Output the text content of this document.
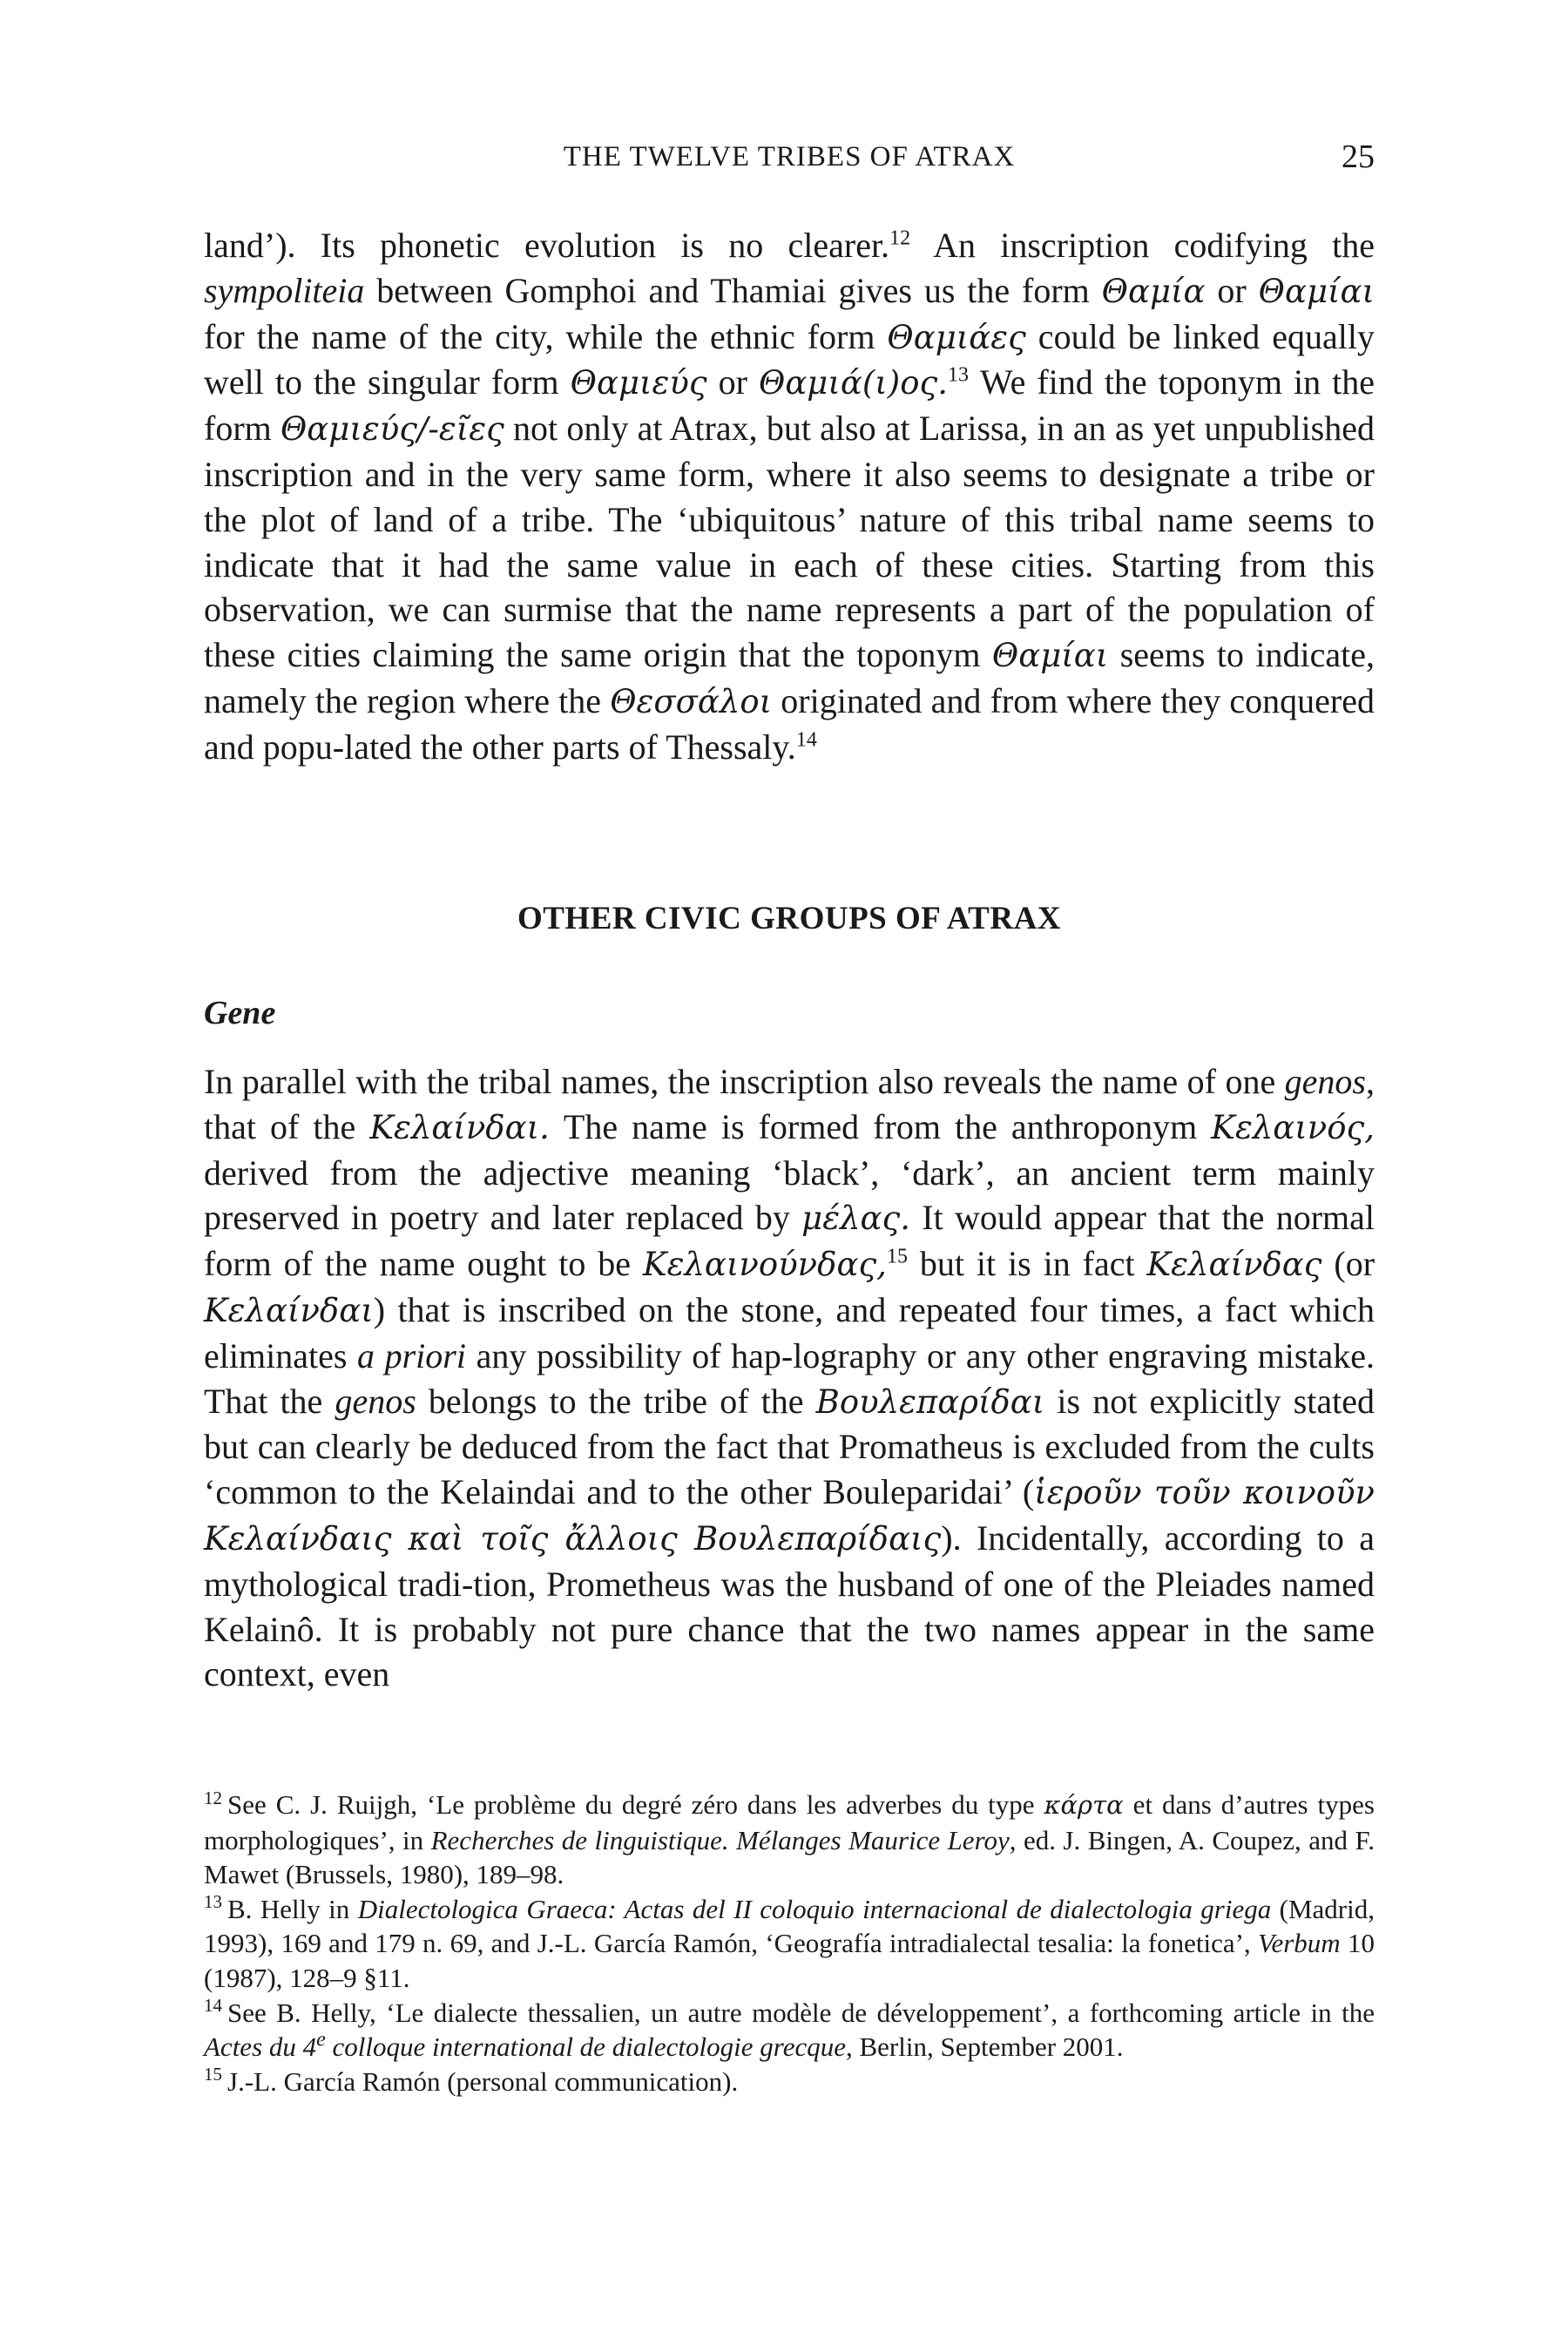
THE TWELVE TRIBES OF ATRAX	25

land’). Its phonetic evolution is no clearer.$^{12}$ An inscription codifying the sympoliteia between Gomphoi and Thamiai gives us the form Θαμία or Θαμίαι for the name of the city, while the ethnic form Θαμιάες could be linked equally well to the singular form Θαμιεύς or Θαμιά(ι)ος.$^{13}$ We find the toponym in the form Θαμιεύς/-εῖες not only at Atrax, but also at Larissa, in an as yet unpublished inscription and in the very same form, where it also seems to designate a tribe or the plot of land of a tribe. The ‘ubiquitous’ nature of this tribal name seems to indicate that it had the same value in each of these cities. Starting from this observation, we can surmise that the name represents a part of the population of these cities claiming the same origin that the toponym Θαμίαι seems to indicate, namely the region where the Θεσσάλοι originated and from where they conquered and popu-lated the other parts of Thessaly.$^{14}$

OTHER CIVIC GROUPS OF ATRAX
Gene

In parallel with the tribal names, the inscription also reveals the name of one genos, that of the Κελαίνδαι. The name is formed from the anthroponym Κελαινός, derived from the adjective meaning ‘black’, ‘dark’, an ancient term mainly preserved in poetry and later replaced by μέλας. It would appear that the normal form of the name ought to be Κελαινούνδας,$^{15}$ but it is in fact Κελαίνδας (or Κελαίνδαι) that is inscribed on the stone, and repeated four times, a fact which eliminates a priori any possibility of hap-lography or any other engraving mistake. That the genos belongs to the tribe of the Βουλεπαρίδαι is not explicitly stated but can clearly be deduced from the fact that Promatheus is excluded from the cults ‘common to the Kelaindai and to the other Bouleparidai’ (ἱεροῦν τοῦν κοινοῦν Κελαίνδαις καὶ τοῖς ἄλλοις Βουλεπαρίδαις). Incidentally, according to a mythological tradi-tion, Prometheus was the husband of one of the Pleiades named Kelainô. It is probably not pure chance that the two names appear in the same context, even

$^{12}$ See C. J. Ruijgh, ‘Le problème du degré zéro dans les adverbes du type κάρτα et dans d’autres types morphologiques’, in Recherches de linguistique. Mélanges Maurice Leroy, ed. J. Bingen, A. Coupez, and F. Mawet (Brussels, 1980), 189–98.

$^{13}$ B. Helly in Dialectologica Graeca: Actas del II coloquio internacional de dialectologia griega (Madrid, 1993), 169 and 179 n. 69, and J.-L. García Ramón, ‘Geografía intradialectal tesalia: la fonetica’, Verbum 10 (1987), 128–9 §11.

$^{14}$ See B. Helly, ‘Le dialecte thessalien, un autre modèle de développement’, a forthcoming article in the Actes du 4e colloque international de dialectologie grecque, Berlin, September 2001.

$^{15}$ J.-L. García Ramón (personal communication).
